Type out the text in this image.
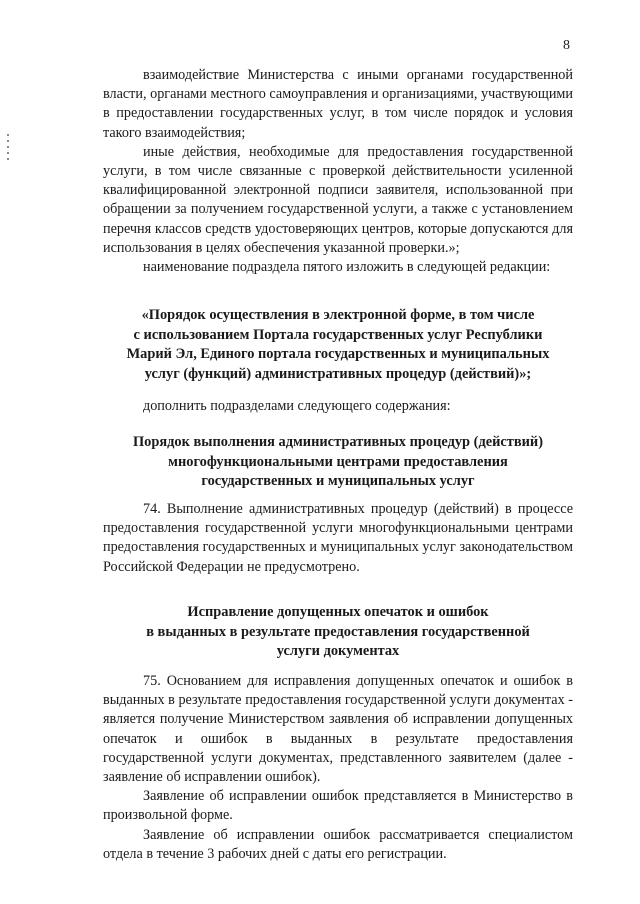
8

взаимодействие Министерства с иными органами государственной власти, органами местного самоуправления и организациями, участвующими в предоставлении государственных услуг, в том числе порядок и условия такого взаимодействия;

иные действия, необходимые для предоставления государственной услуги, в том числе связанные с проверкой действительности усиленной квалифицированной электронной подписи заявителя, использованной при обращении за получением государственной услуги, а также с установлением перечня классов средств удостоверяющих центров, которые допускаются для использования в целях обеспечения указанной проверки.»;

наименование подраздела пятого изложить в следующей редакции:

«Порядок осуществления в электронной форме, в том числе

с использованием Портала государственных услуг Республики

Марий Эл, Единого портала государственных и муниципальных

услуг (функций) административных процедур (действий)»;

дополнить подразделами следующего содержания:

Порядок выполнения административных процедур (действий)

многофункциональными центрами предоставления

государственных и муниципальных услуг

74. Выполнение административных процедур (действий) в процессе предоставления государственной услуги многофункциональными центрами предоставления государственных и муниципальных услуг законодательством Российской Федерации не предусмотрено.

Исправление допущенных опечаток и ошибок

в выданных в результате предоставления государственной

услуги документах

75. Основанием для исправления допущенных опечаток и ошибок в выданных в результате предоставления государственной услуги документах - является получение Министерством заявления об исправлении допущенных опечаток и ошибок в выданных в результате предоставления государственной услуги документах, представленного заявителем (далее - заявление об исправлении ошибок).

Заявление об исправлении ошибок представляется в Министерство в произвольной форме.

Заявление об исправлении ошибок рассматривается специалистом отдела в течение 3 рабочих дней с даты его регистрации.
